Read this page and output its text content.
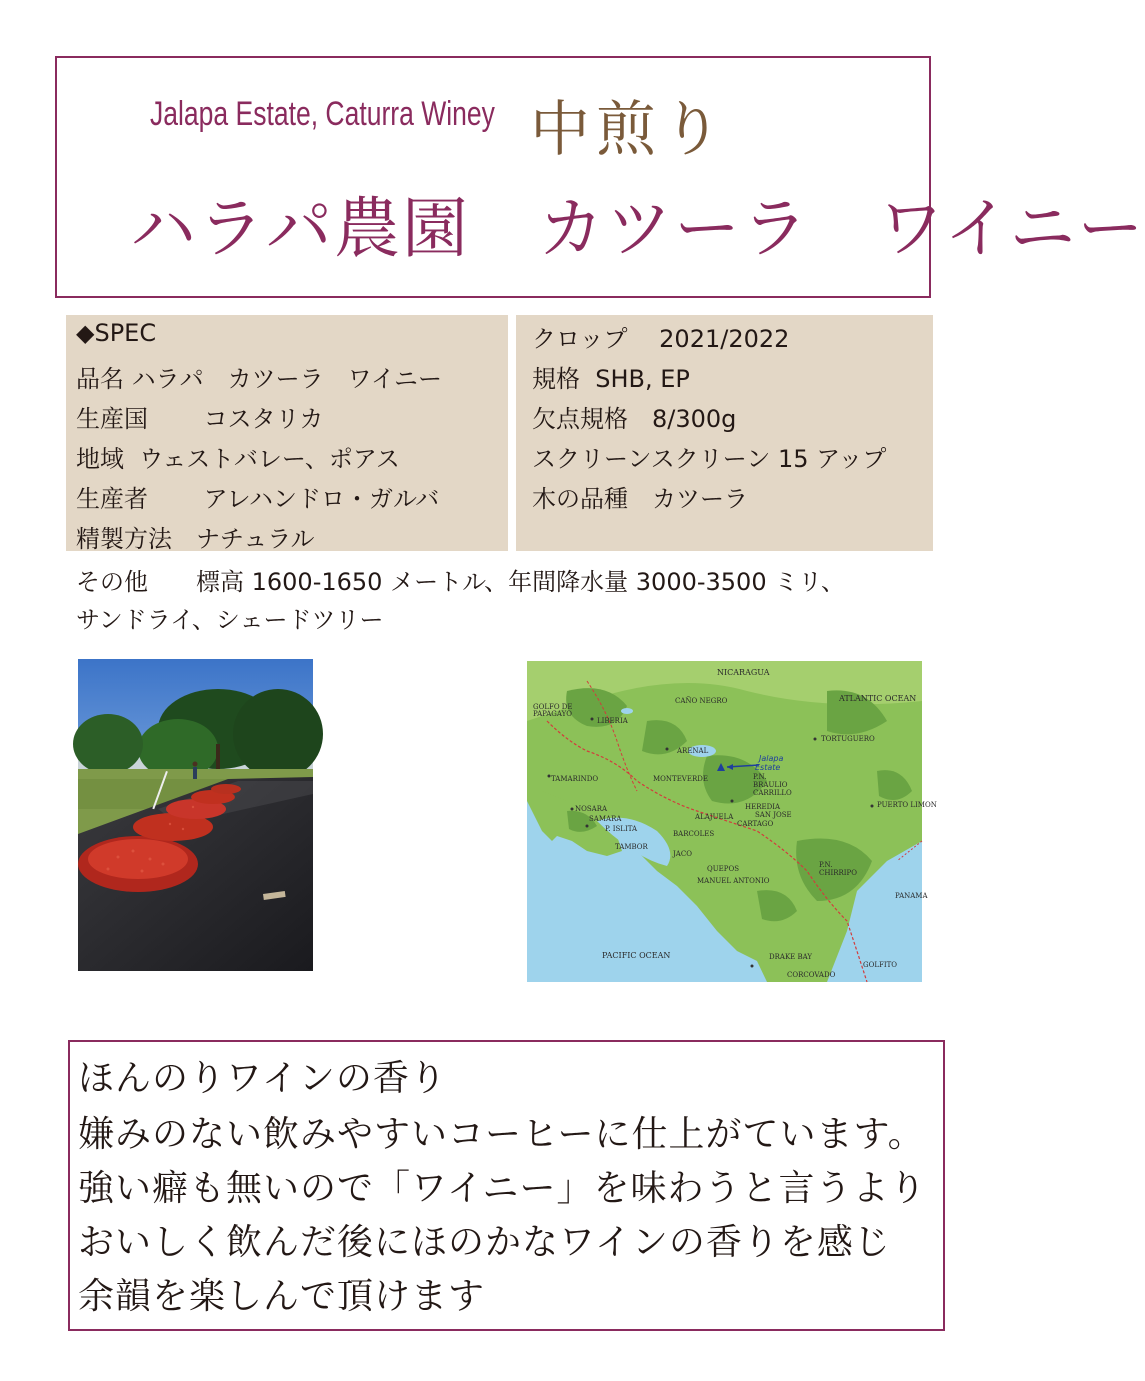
Jalapa Estate, Caturra Winey 中煎り
ハラパ農園　カツーラ　ワイニー
◆SPEC
品名 ハラパ　カツーラ　ワイニー
生産国　　 コスタリカ
地域  ウェストバレー、ポアス
生産者　　 アレハンドロ・ガルバ
精製方法　ナチュラル
クロップ　 2021/2022
規格  SHB, EP
欠点規格　8/300g
スクリーンスクリーン 15 アップ
木の品種　カツーラ
その他　　標高 1600-1650 メートル、年間降水量 3000-3500 ミリ、
サンドライ、シェードツリー
NICARAGUA
ATLANTIC OCEAN
PACIFIC OCEAN
PANAMA
Jalapa
Estate
GOLFO DE
PAPAGAYO
CAÑO NEGRO
LIBERIA
ARENAL
TORTUGUERO
TAMARINDO	MONTEVERDE	P.N.
BRAULIO
CARRILLO
HEREDIA
SAN JOSE
ALAJUELA
PUERTO LIMON
NOSARA
SAMARA
P. ISLITA
CARTAGO
TAMBOR
BARCOLES
JACO
P.N.
CHIRRIPO
QUEPOS
MANUEL ANTONIO
DRAKE BAY
CORCOVADO
GOLFITO
ほんのりワインの香り
嫌みのない飲みやすいコーヒーに仕上がています。
強い癖も無いので「ワイニー」を味わうと言うより
おいしく飲んだ後にほのかなワインの香りを感じ
余韻を楽しんで頂けます
